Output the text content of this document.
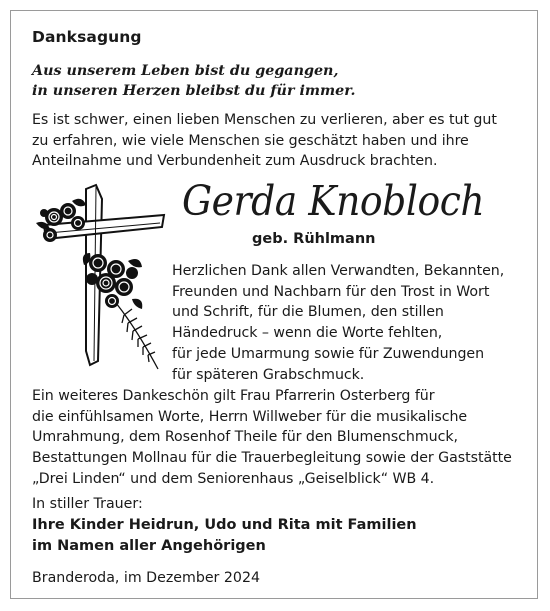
Danksagung

Aus unserem Leben bist du gegangen,
in unseren Herzen bleibst du für immer.

Es ist schwer, einen lieben Menschen zu verlieren, aber es tut gut
zu erfahren, wie viele Menschen sie geschätzt haben und ihre
Anteilnahme und Verbundenheit zum Ausdruck brachten.

Gerda Knobloch
geb. Rühlmann

Herzlichen Dank allen Verwandten, Bekannten,
Freunden und Nachbarn für den Trost in Wort
und Schrift, für die Blumen, den stillen
Händedruck – wenn die Worte fehlten,
für jede Umarmung sowie für Zuwendungen
für späteren Grabschmuck.

Ein weiteres Dankeschön gilt Frau Pfarrerin Osterberg für
die einfühlsamen Worte, Herrn Willweber für die musikalische
Umrahmung, dem Rosenhof Theile für den Blumenschmuck,
Bestattungen Mollnau für die Trauerbegleitung sowie der Gaststätte
„Drei Linden“ und dem Seniorenhaus „Geiselblick“ WB 4.

In stiller Trauer:

Ihre Kinder Heidrun, Udo und Rita mit Familien
im Namen aller Angehörigen

Branderoda, im Dezember 2024
